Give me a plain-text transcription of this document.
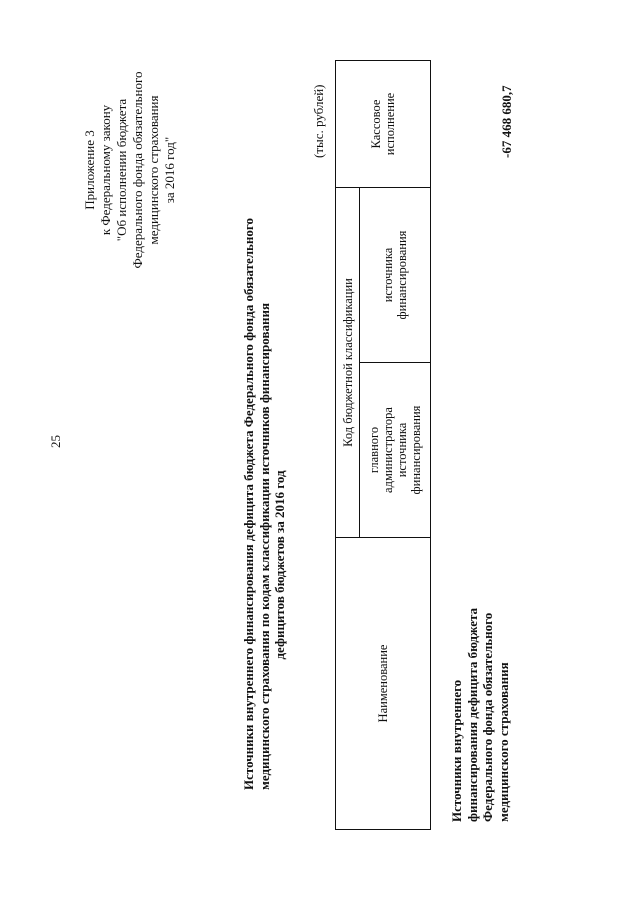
25
Приложение 3 к Федеральному закону "Об исполнении бюджета Федерального фонда обязательного медицинского страхования за 2016 год"
Источники внутреннего финансирования дефицита бюджета Федерального фонда обязательного медицинского страхования по кодам классификации источников финансирования дефицитов бюджетов за 2016 год
(тыс. рублей)
Наименование
Код бюджетной классификации
главного администратора источника финансирования
источника финансирования
Кассовое исполнение
Источники внутреннего финансирования дефицита бюджета Федерального фонда обязательного медицинского страхования
-67 468 680,7
